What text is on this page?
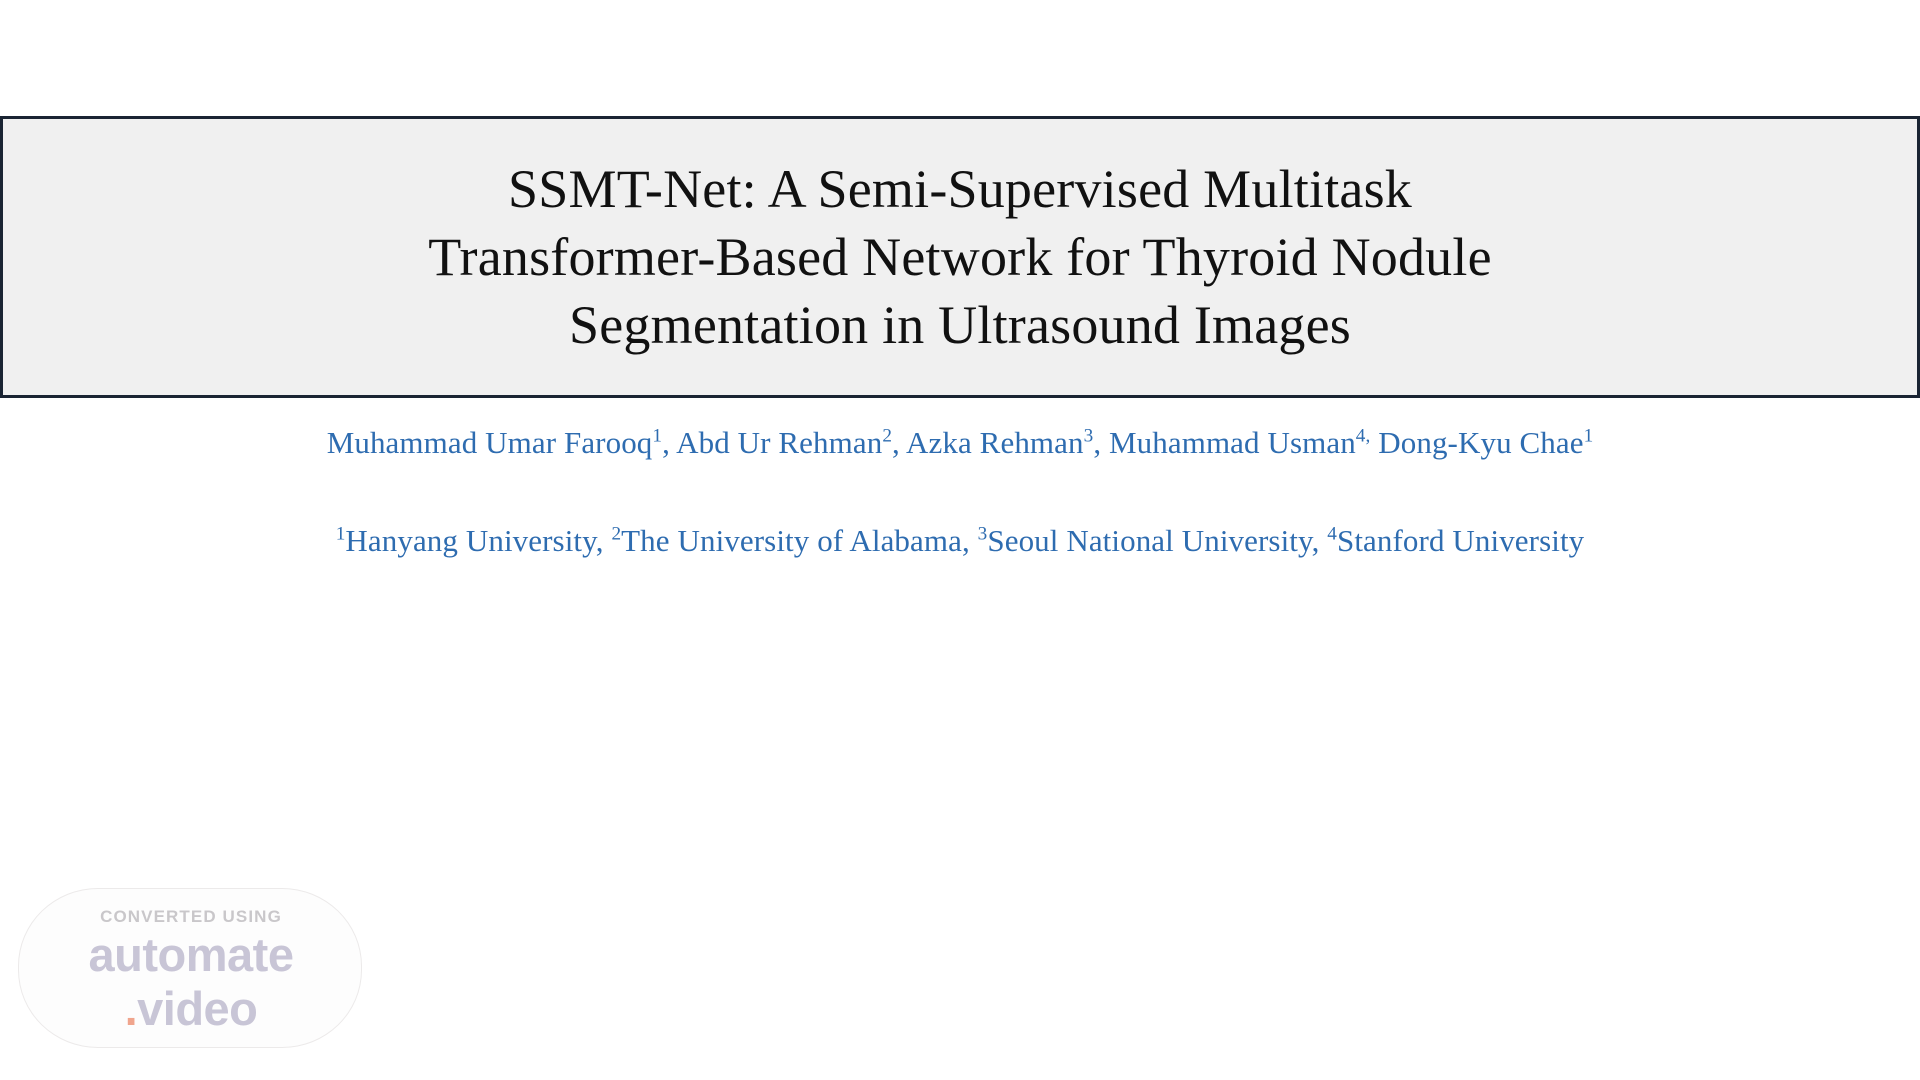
SSMT-Net: A Semi-Supervised Multitask
Transformer-Based Network for Thyroid Nodule
Segmentation in Ultrasound Images
Muhammad Umar Farooq$^1$, Abd Ur Rehman$^2$, Azka Rehman$^3$, Muhammad Usman$^{4,}$ Dong-Kyu Chae$^1$
$^1$Hanyang University, $^2$The University of Alabama, $^3$Seoul National University, $^4$Stanford University
CONVERTED USING
automate
.video
